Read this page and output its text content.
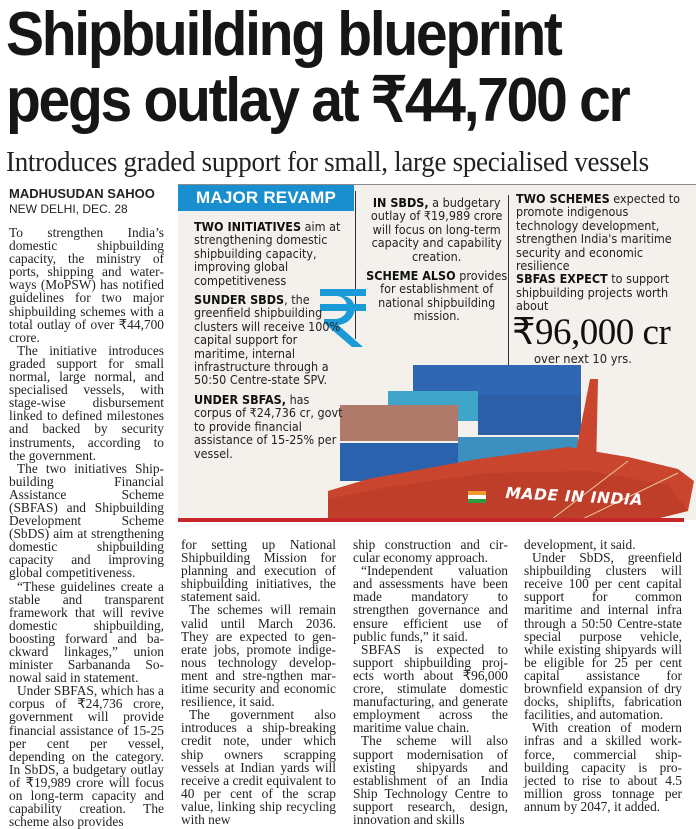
Shipbuilding blueprint
pegs outlay at ₹44,700 cr
Introduces graded support for small, large specialised vessels
MADHUSUDAN SAHOO
NEW DELHI, DEC. 28

To strengthen India’s domestic shipbuilding capacity, the ministry of ports, shipping and waterways (MoPSW) has notified guidelines for two major shipbuilding schemes with a total outlay of over ₹44,700 crore.

The initiative introduces graded support for small normal, large normal, and specialised vessels, with stage-wise disbursement linked to defined milestones and backed by security instruments, according to the government.

The two initiatives Shipbuilding Financial Assistance Scheme (SBFAS) and Shipbuilding Development Scheme (SbDS) aim at strengthening domestic shipbuilding capacity and improving global competitiveness.

“These guidelines create a stable and transparent framework that will revive domestic shipbuilding, boosting forward and backward linkages,” union minister Sarbananda Sonowal said in statement.

Under SBFAS, which has a corpus of ₹24,736 crore, government will provide financial assistance of 15-25 per cent per vessel, depending on the category. In SbDS, a budgetary outlay of ₹19,989 crore will focus on long-term capacity and capability creation. The scheme also provides

MAJOR REVAMP
MADE IN INDIA

TWO INITIATIVES aim at strengthening domestic shipbuilding capacity, improving global competitiveness

SUNDER SBDS, the greenfield shipbuilding clusters will receive 100% capital support for maritime, internal infrastructure through a 50:50 Centre-state SPV.

UNDER SBFAS, has corpus of ₹24,736 cr, govt to provide financial assistance of 15-25% per vessel.

IN SBDS, a budgetary outlay of ₹19,989 crore will focus on long-term capacity and capability creation.

SCHEME ALSO provides for establishment of national shipbuilding mission.

TWO SCHEMES expected to promote indigenous technology development, strengthen India's maritime security and economic resilience

SBFAS EXPECT to support shipbuilding projects worth about

₹96,000 cr
over next 10 yrs.

for setting up National Shipbuilding Mission for planning and execution of shipbuilding initiatives, the statement said.

The schemes will remain valid until March 2036. They are expected to generate jobs, promote indigenous technology development and stre-ngthen maritime security and economic resilience, it said.

The government also introduces a ship-breaking credit note, under which ship owners scrapping vessels at Indian yards will receive a credit equivalent to 40 per cent of the scrap value, linking ship recycling with new

ship construction and circular economy approach.

“Independent valuation and assessments have been made mandatory to strengthen governance and ensure efficient use of public funds,” it said.

SBFAS is expected to support shipbuilding projects worth about ₹96,000 crore, stimulate domestic manufacturing, and generate employment across the maritime value chain.

The scheme will also support modernisation of existing shipyards and establishment of an India Ship Technology Centre to support research, design, innovation and skills

development, it said.

Under SbDS, greenfield shipbuilding clusters will receive 100 per cent capital support for common maritime and internal infra through a 50:50 Centre-state special purpose vehicle, while existing shipyards will be eligible for 25 per cent capital assistance for brownfield expansion of dry docks, shiplifts, fabrication facilities, and automation.

With creation of modern infras and a skilled workforce, commercial shipbuilding capacity is projected to rise to about 4.5 million gross tonnage per annum by 2047, it added.
